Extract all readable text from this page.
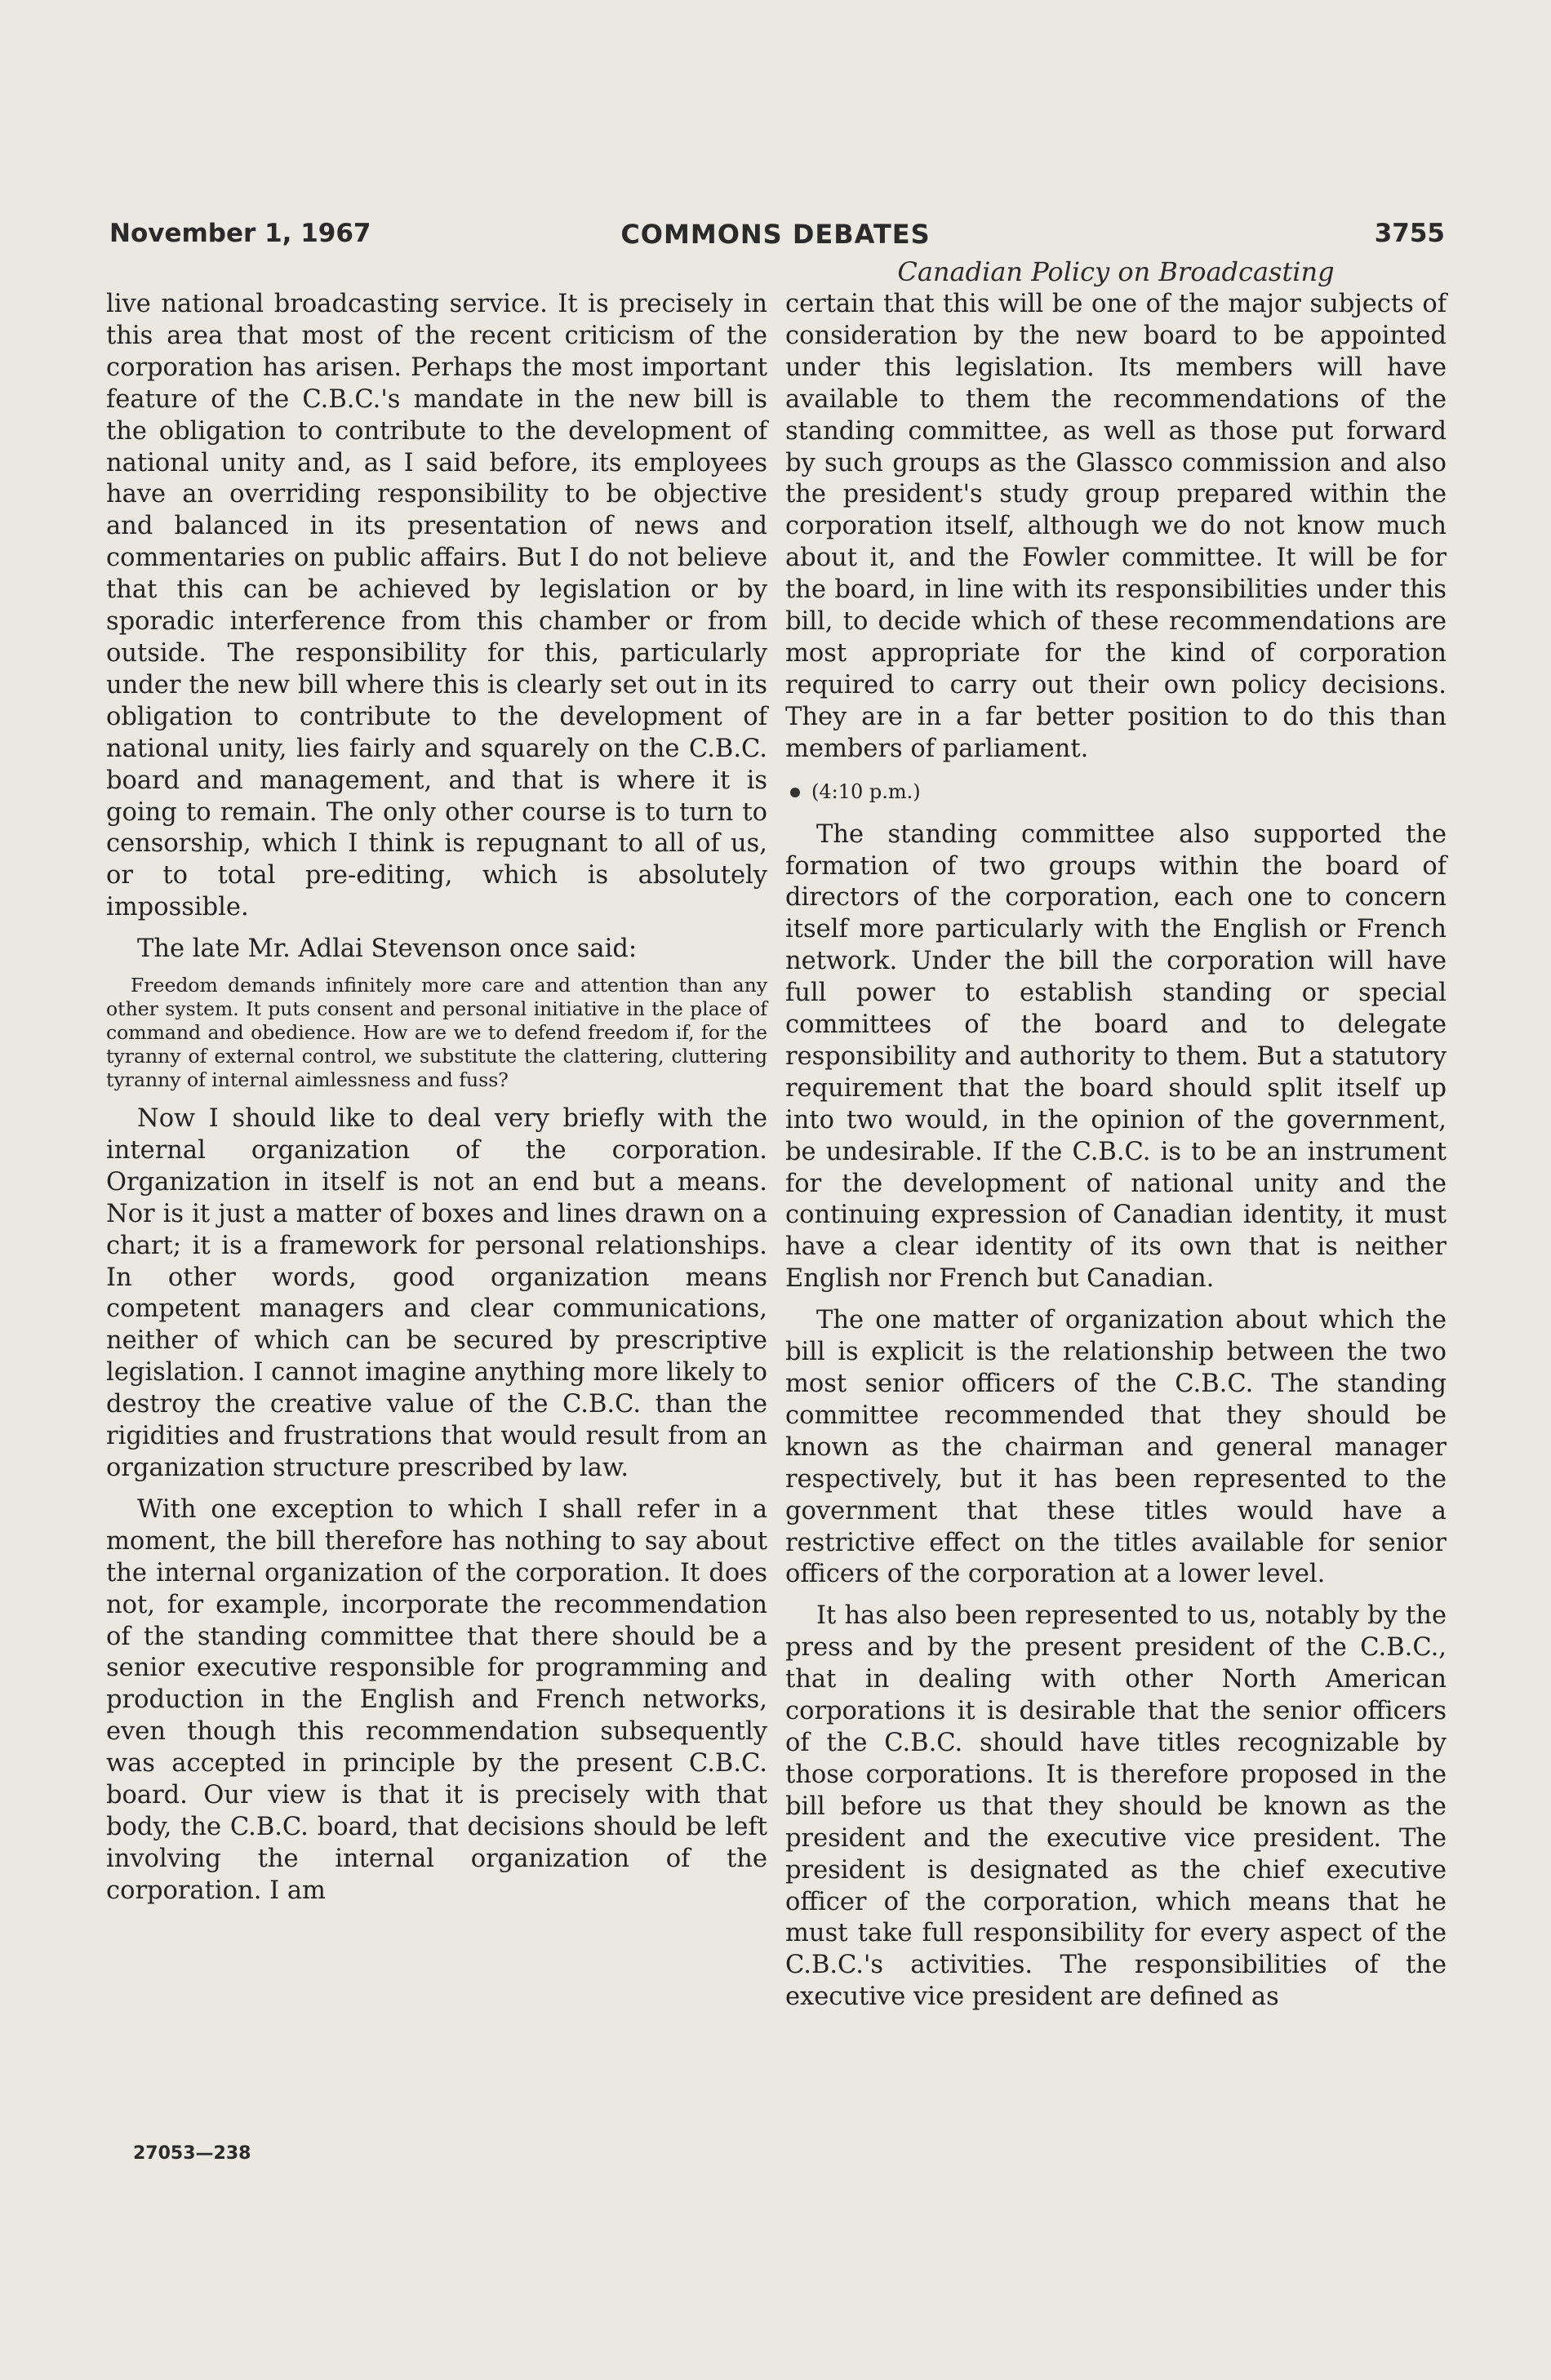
November 1, 1967	COMMONS DEBATES	3755
Canadian Policy on Broadcasting

live national broadcasting service. It is precisely in this area that most of the recent criticism of the corporation has arisen. Perhaps the most important feature of the C.B.C.'s mandate in the new bill is the obligation to contribute to the development of national unity and, as I said before, its employees have an overriding responsibility to be objective and balanced in its presentation of news and commentaries on public affairs. But I do not believe that this can be achieved by legislation or by sporadic interference from this chamber or from outside. The responsibility for this, particularly under the new bill where this is clearly set out in its obligation to contribute to the development of national unity, lies fairly and squarely on the C.B.C. board and management, and that is where it is going to remain. The only other course is to turn to censorship, which I think is repugnant to all of us, or to total pre-editing, which is absolutely impossible.

The late Mr. Adlai Stevenson once said:

Freedom demands infinitely more care and attention than any other system. It puts consent and personal initiative in the place of command and obedience. How are we to defend freedom if, for the tyranny of external control, we substitute the clattering, cluttering tyranny of internal aimlessness and fuss?

Now I should like to deal very briefly with the internal organization of the corporation. Organization in itself is not an end but a means. Nor is it just a matter of boxes and lines drawn on a chart; it is a framework for personal relationships. In other words, good organization means competent managers and clear communications, neither of which can be secured by prescriptive legislation. I cannot imagine anything more likely to destroy the creative value of the C.B.C. than the rigidities and frustrations that would result from an organization structure prescribed by law.

With one exception to which I shall refer in a moment, the bill therefore has nothing to say about the internal organization of the corporation. It does not, for example, incorporate the recommendation of the standing committee that there should be a senior executive responsible for programming and production in the English and French networks, even though this recommendation subsequently was accepted in principle by the present C.B.C. board. Our view is that it is precisely with that body, the C.B.C. board, that decisions should be left involving the internal organization of the corporation. I am

certain that this will be one of the major subjects of consideration by the new board to be appointed under this legislation. Its members will have available to them the recommendations of the standing committee, as well as those put forward by such groups as the Glassco commission and also the president's study group prepared within the corporation itself, although we do not know much about it, and the Fowler committee. It will be for the board, in line with its responsibilities under this bill, to decide which of these recommendations are most appropriate for the kind of corporation required to carry out their own policy decisions. They are in a far better position to do this than members of parliament.

(4:10 p.m.)

The standing committee also supported the formation of two groups within the board of directors of the corporation, each one to concern itself more particularly with the English or French network. Under the bill the corporation will have full power to establish standing or special committees of the board and to delegate responsibility and authority to them. But a statutory requirement that the board should split itself up into two would, in the opinion of the government, be undesirable. If the C.B.C. is to be an instrument for the development of national unity and the continuing expression of Canadian identity, it must have a clear identity of its own that is neither English nor French but Canadian.

The one matter of organization about which the bill is explicit is the relationship between the two most senior officers of the C.B.C. The standing committee recommended that they should be known as the chairman and general manager respectively, but it has been represented to the government that these titles would have a restrictive effect on the titles available for senior officers of the corporation at a lower level.

It has also been represented to us, notably by the press and by the present president of the C.B.C., that in dealing with other North American corporations it is desirable that the senior officers of the C.B.C. should have titles recognizable by those corporations. It is therefore proposed in the bill before us that they should be known as the president and the executive vice president. The president is designated as the chief executive officer of the corporation, which means that he must take full responsibility for every aspect of the C.B.C.'s activities. The responsibilities of the executive vice president are defined as

27053—238
